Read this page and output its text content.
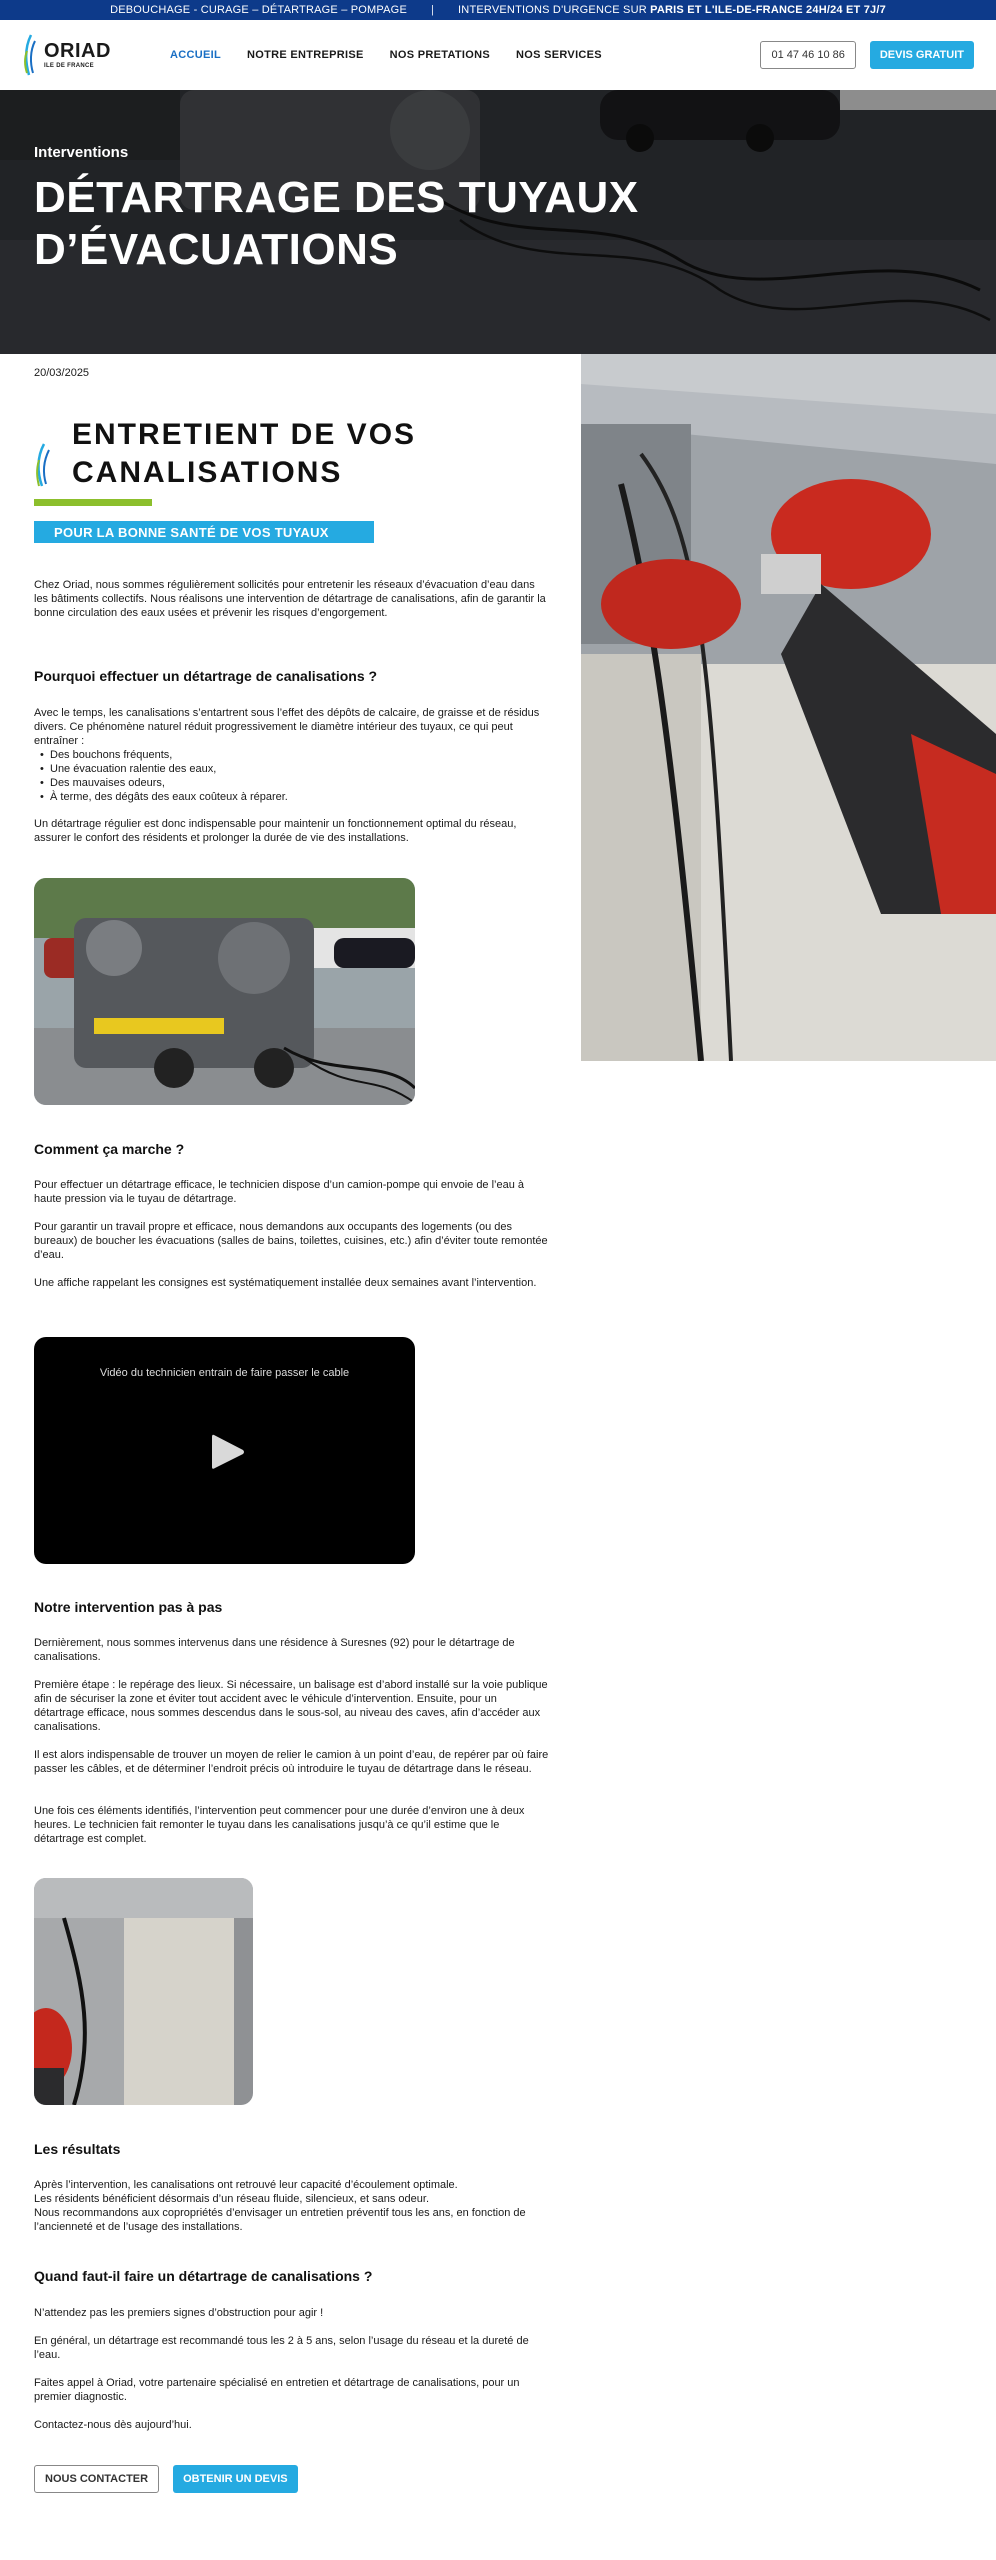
DEBOUCHAGE - CURAGE – DÉTARTRAGE – POMPAGE | INTERVENTIONS D'URGENCE SUR PARIS ET L'ILE-DE-FRANCE 24H/24 ET 7J/7
ORIAD
ILE DE FRANCE
ACCUEIL NOTRE ENTREPRISE NOS PRETATIONS NOS SERVICES	01 47 46 10 86	DEVIS GRATUIT
Interventions
DÉTARTRAGE DES TUYAUX D’ÉVACUATIONS
20/03/2025
ENTRETIENT DE VOS CANALISATIONS
POUR LA BONNE SANTÉ DE VOS TUYAUX

Chez Oriad, nous sommes régulièrement sollicités pour entretenir les réseaux d’évacuation d’eau dans les bâtiments collectifs. Nous réalisons une intervention de détartrage de canalisations, afin de garantir la bonne circulation des eaux usées et prévenir les risques d’engorgement.

Pourquoi effectuer un détartrage de canalisations ?

Avec le temps, les canalisations s’entartrent sous l’effet des dépôts de calcaire, de graisse et de résidus divers. Ce phénomène naturel réduit progressivement le diamètre intérieur des tuyaux, ce qui peut entraîner :

• Des bouchons fréquents,
• Une évacuation ralentie des eaux,
• Des mauvaises odeurs,
• À terme, des dégâts des eaux coûteux à réparer.

Un détartrage régulier est donc indispensable pour maintenir un fonctionnement optimal du réseau, assurer le confort des résidents et prolonger la durée de vie des installations.

Comment ça marche ?

Pour effectuer un détartrage efficace, le technicien dispose d’un camion-pompe qui envoie de l’eau à haute pression via le tuyau de détartrage.

Pour garantir un travail propre et efficace, nous demandons aux occupants des logements (ou des bureaux) de boucher les évacuations (salles de bains, toilettes, cuisines, etc.) afin d’éviter toute remontée d’eau.

Une affiche rappelant les consignes est systématiquement installée deux semaines avant l’intervention.

Vidéo du technicien entrain de faire passer le cable
Notre intervention pas à pas

Dernièrement, nous sommes intervenus dans une résidence à Suresnes (92) pour le détartrage de canalisations.

Première étape : le repérage des lieux. Si nécessaire, un balisage est d’abord installé sur la voie publique afin de sécuriser la zone et éviter tout accident avec le véhicule d’intervention. Ensuite, pour un détartrage efficace, nous sommes descendus dans le sous-sol, au niveau des caves, afin d’accéder aux canalisations.

Il est alors indispensable de trouver un moyen de relier le camion à un point d’eau, de repérer par où faire passer les câbles, et de déterminer l’endroit précis où introduire le tuyau de détartrage dans le réseau.

Une fois ces éléments identifiés, l’intervention peut commencer pour une durée d’environ une à deux heures. Le technicien fait remonter le tuyau dans les canalisations jusqu’à ce qu’il estime que le détartrage est complet.

Les résultats
Après l’intervention, les canalisations ont retrouvé leur capacité d’écoulement optimale.
Les résidents bénéficient désormais d’un réseau fluide, silencieux, et sans odeur.
Nous recommandons aux copropriétés d’envisager un entretien préventif tous les ans, en fonction de l’ancienneté et de l’usage des installations.
Quand faut-il faire un détartrage de canalisations ?

N’attendez pas les premiers signes d’obstruction pour agir !

En général, un détartrage est recommandé tous les 2 à 5 ans, selon l’usage du réseau et la dureté de l’eau.

Faites appel à Oriad, votre partenaire spécialisé en entretien et détartrage de canalisations, pour un premier diagnostic.

Contactez-nous dès aujourd’hui.

NOUS CONTACTER	OBTENIR UN DEVIS
